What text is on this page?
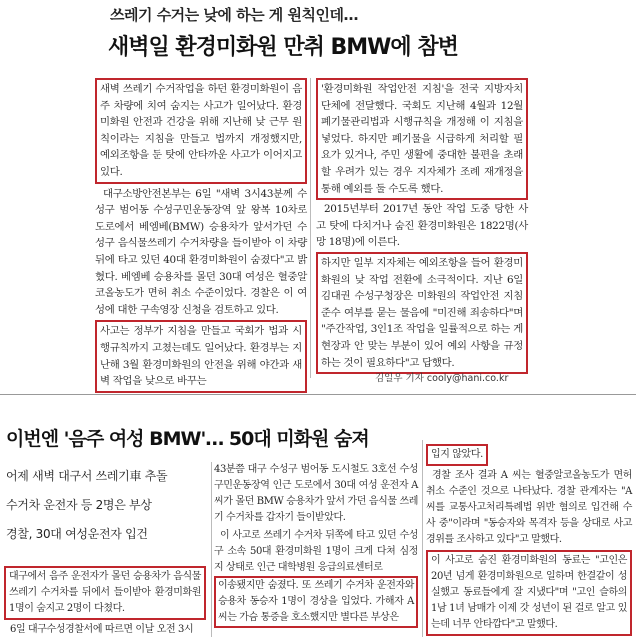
쓰레기 수거는 낮에 하는 게 원칙인데…
새벽일 환경미화원 만취 BMW에 참변

새벽 쓰레기 수거작업을 하던 환경미화원이 음주 차량에 치여 숨지는 사고가 일어났다. 환경미화원 안전과 건강을 위해 지난해 낮 근무 원칙이라는 지침을 만들고 법까지 개정했지만, 예외조항을 둔 탓에 안타까운 사고가 이어지고 있다.

대구소방안전본부는 6일 "새벽 3시43분께 수성구 범어동 수성구민운동장역 앞 왕복 10차로 도로에서 베엠베(BMW) 승용차가 앞서가던 수성구 음식물쓰레기 수거차량을 들이받아 이 차량 뒤에 타고 있던 40대 환경미화원이 숨졌다"고 밝혔다. 베엠베 승용차를 몰던 30대 여성은 혈중알코올농도가 면허 취소 수준이었다. 경찰은 이 여성에 대한 구속영장 신청을 검토하고 있다.

사고는 정부가 지침을 만들고 국회가 법과 시행규칙까지 고쳤는데도 일어났다. 환경부는 지난해 3월 환경미화원의 안전을 위해 야간과 새벽 작업을 낮으로 바꾸는

'환경미화원 작업안전 지침'을 전국 지방자치단체에 전달했다. 국회도 지난해 4월과 12월 폐기물관리법과 시행규칙을 개정해 이 지침을 넣었다. 하지만 폐기물을 시급하게 처리할 필요가 있거나, 주민 생활에 중대한 불편을 초래할 우려가 있는 경우 지자체가 조례 재개정을 통해 예외를 둘 수도록 했다.

2015년부터 2017년 동안 작업 도중 당한 사고 탓에 다치거나 숨진 환경미화원은 1822명(사망 18명)에 이른다.

하지만 일부 지자체는 예외조항을 들어 환경미화원의 낮 작업 전환에 소극적이다. 지난 6일 김대권 수성구청장은 미화원의 작업안전 지침 준수 여부를 묻는 물음에 "미진해 죄송하다"며 "주간작업, 3인1조 작업을 일률적으로 하는 게 현장과 안 맞는 부분이 있어 예외 사항을 규정하는 것이 필요하다"고 답했다.

김일우 기자 cooly@hani.co.kr
이번엔 '음주 여성 BMW'… 50대 미화원 숨져
어제 새벽 대구서 쓰레기車 추돌
수거차 운전자 등 2명은 부상
경찰, 30대 여성운전자 입건

대구에서 음주 운전자가 몰던 승용차가 음식물 쓰레기 수거차를 뒤에서 들이받아 환경미화원 1명이 숨지고 2명이 다쳤다.

6일 대구수성경찰서에 따르면 이날 오전 3시

43분쯤 대구 수성구 범어동 도시철도 3호선 수성구민운동장역 인근 도로에서 30대 여성 운전자 A 씨가 몰던 BMW 승용차가 앞서 가던 음식물 쓰레기 수거차를 갑자기 들이받았다.

이 사고로 쓰레기 수거차 뒤쪽에 타고 있던 수성구 소속 50대 환경미화원 1명이 크게 다쳐 심정지 상태로 인근 대학병원 응급의료센터로

이송됐지만 숨졌다. 또 쓰레기 수거차 운전자와 승용차 동승자 1명이 경상을 입었다. 가해자 A 씨는 가슴 통증을 호소했지만 별다른 부상은

입지 않았다.

경찰 조사 결과 A 씨는 혈중알코올농도가 면허 취소 수준인 것으로 나타났다. 경찰 관계자는 "A 씨를 교통사고처리특례법 위반 혐의로 입건해 수사 중"이라며 "동승자와 목격자 등을 상대로 사고 경위를 조사하고 있다"고 말했다.

이 사고로 숨진 환경미화원의 동료는 "고인은 20년 넘게 환경미화원으로 일하며 한결같이 성실했고 동료들에게 잘 지냈다"며 "고인 슬하의 1남 1녀 남매가 이제 갓 성년이 된 걸로 알고 있는데 너무 안타깝다"고 말했다.
